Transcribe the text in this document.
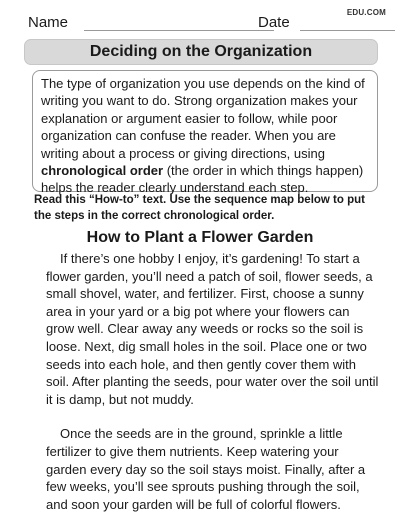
Name	Date
EDU.COM
Deciding on the Organization
The type of organization you use depends on the kind of writing you want to do. Strong organization makes your explanation or argument easier to follow, while poor organization can confuse the reader. When you are writing about a process or giving directions, using chronological order (the order in which things happen) helps the reader clearly understand each step.
Read this “How-to” text. Use the sequence map below to put the steps in the correct chronological order.
How to Plant a Flower Garden

If there’s one hobby I enjoy, it’s gardening! To start a flower garden, you’ll need a patch of soil, flower seeds, a small shovel, water, and fertilizer. First, choose a sunny area in your yard or a big pot where your flowers can grow well. Clear away any weeds or rocks so the soil is loose. Next, dig small holes in the soil. Place one or two seeds into each hole, and then gently cover them with soil. After planting the seeds, pour water over the soil until it is damp, but not muddy.

Once the seeds are in the ground, sprinkle a little fertilizer to give them nutrients. Keep watering your garden every day so the soil stays moist. Finally, after a few weeks, you’ll see sprouts pushing through the soil, and soon your garden will be full of colorful flowers.
